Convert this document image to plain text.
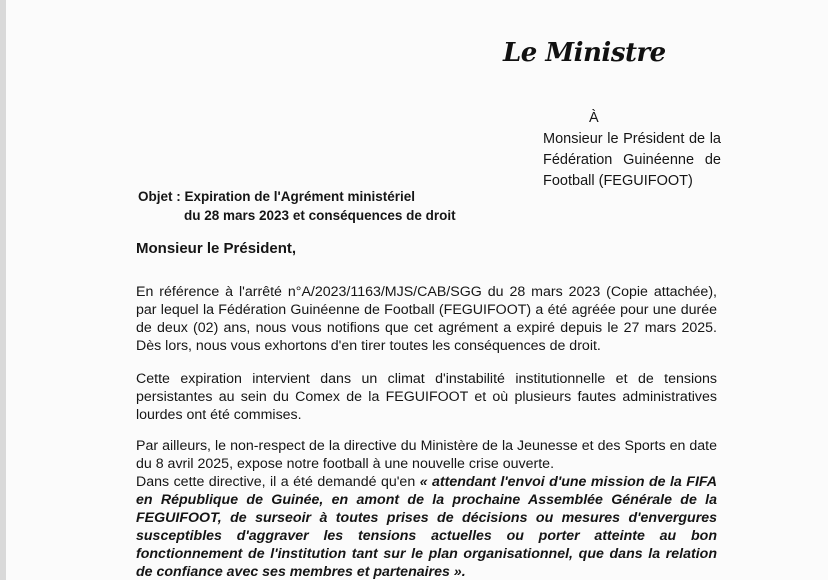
Le Ministre
À
Monsieur le Président de la Fédération Guinéenne de Football (FEGUIFOOT)
Objet : Expiration de l'Agrément ministériel
du 28 mars 2023 et conséquences de droit
Monsieur le Président,
En référence à l'arrêté n°A/2023/1163/MJS/CAB/SGG du 28 mars 2023 (Copie attachée), par lequel la Fédération Guinéenne de Football (FEGUIFOOT) a été agréée pour une durée de deux (02) ans, nous vous notifions que cet agrément a expiré depuis le 27 mars 2025. Dès lors, nous vous exhortons d'en tirer toutes les conséquences de droit.
Cette expiration intervient dans un climat d'instabilité institutionnelle et de tensions persistantes au sein du Comex de la FEGUIFOOT et où plusieurs fautes administratives lourdes ont été commises.
Par ailleurs, le non-respect de la directive du Ministère de la Jeunesse et des Sports en date du 8 avril 2025, expose notre football à une nouvelle crise ouverte.
Dans cette directive, il a été demandé qu'en « attendant l'envoi d'une mission de la FIFA en République de Guinée, en amont de la prochaine Assemblée Générale de la FEGUIFOOT, de surseoir à toutes prises de décisions ou mesures d'envergures susceptibles d'aggraver les tensions actuelles ou porter atteinte au bon fonctionnement de l'institution tant sur le plan organisationnel, que dans la relation de confiance avec ses membres et partenaires ».
